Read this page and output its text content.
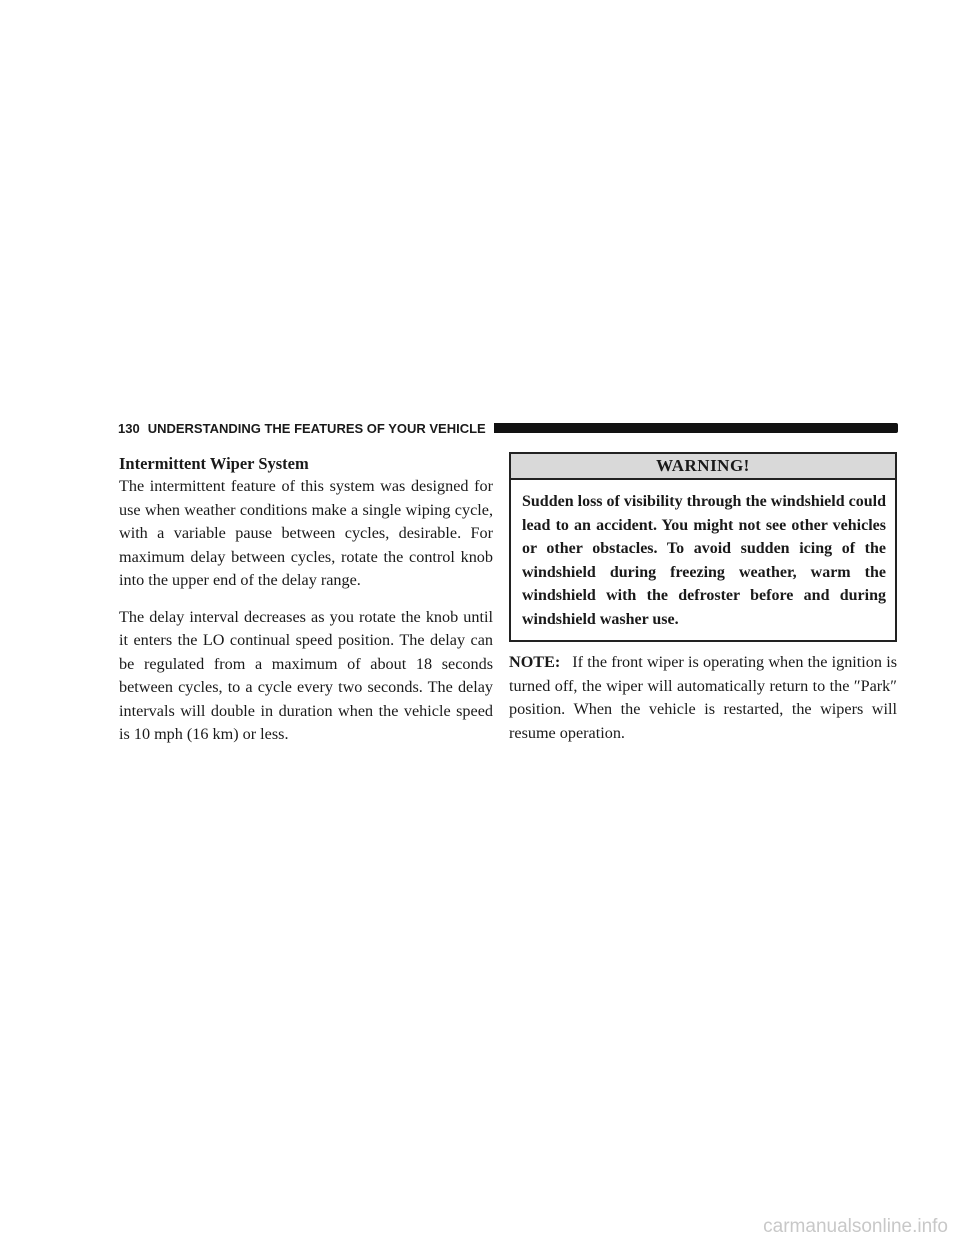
130 UNDERSTANDING THE FEATURES OF YOUR VEHICLE
Intermittent Wiper System

The intermittent feature of this system was designed for use when weather conditions make a single wiping cycle, with a variable pause between cycles, desirable. For maximum delay between cycles, rotate the control knob into the upper end of the delay range.

The delay interval decreases as you rotate the knob until it enters the LO continual speed position. The delay can be regulated from a maximum of about 18 seconds between cycles, to a cycle every two seconds. The delay intervals will double in duration when the vehicle speed is 10 mph (16 km) or less.

WARNING!
Sudden loss of visibility through the windshield could lead to an accident. You might not see other vehicles or other obstacles. To avoid sudden icing of the windshield during freezing weather, warm the windshield with the defroster before and during windshield washer use.

NOTE: If the front wiper is operating when the ignition is turned off, the wiper will automatically return to the ″Park″ position. When the vehicle is restarted, the wipers will resume operation.

carmanualsonline.info
